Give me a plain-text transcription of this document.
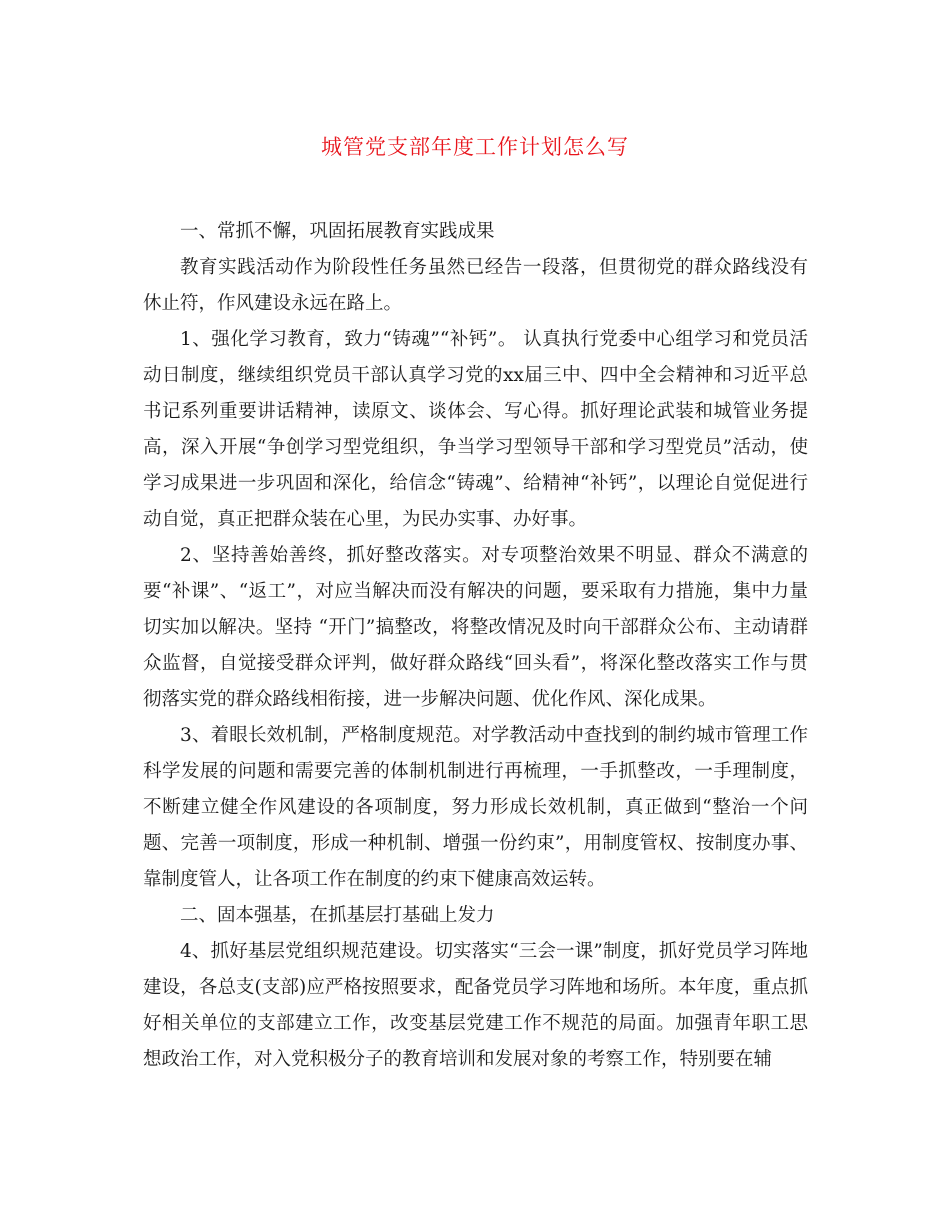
城管党支部年度工作计划怎么写

一、常抓不懈，巩固拓展教育实践成果

教育实践活动作为阶段性任务虽然已经告一段落，但贯彻党的群众路线没有休止符，作风建设永远在路上。

1、强化学习教育，致力“铸魂”“补钙”。 认真执行党委中心组学习和党员活动日制度，继续组织党员干部认真学习党的xx届三中、四中全会精神和习近平总书记系列重要讲话精神，读原文、谈体会、写心得。抓好理论武装和城管业务提高，深入开展“争创学习型党组织，争当学习型领导干部和学习型党员”活动，使学习成果进一步巩固和深化，给信念“铸魂”、给精神“补钙”，以理论自觉促进行动自觉，真正把群众装在心里，为民办实事、办好事。

2、坚持善始善终，抓好整改落实。对专项整治效果不明显、群众不满意的要“补课”、“返工”，对应当解决而没有解决的问题，要采取有力措施，集中力量切实加以解决。坚持 “开门”搞整改，将整改情况及时向干部群众公布、主动请群众监督，自觉接受群众评判，做好群众路线“回头看”，将深化整改落实工作与贯彻落实党的群众路线相衔接，进一步解决问题、优化作风、深化成果。

3、着眼长效机制，严格制度规范。对学教活动中查找到的制约城市管理工作科学发展的问题和需要完善的体制机制进行再梳理，一手抓整改，一手理制度，不断建立健全作风建设的各项制度，努力形成长效机制，真正做到“整治一个问题、完善一项制度，形成一种机制、增强一份约束”，用制度管权、按制度办事、靠制度管人，让各项工作在制度的约束下健康高效运转。

二、固本强基，在抓基层打基础上发力

4、抓好基层党组织规范建设。切实落实“三会一课”制度，抓好党员学习阵地建设，各总支(支部)应严格按照要求，配备党员学习阵地和场所。本年度，重点抓好相关单位的支部建立工作，改变基层党建工作不规范的局面。加强青年职工思想政治工作，对入党积极分子的教育培训和发展对象的考察工作，特别要在辅
